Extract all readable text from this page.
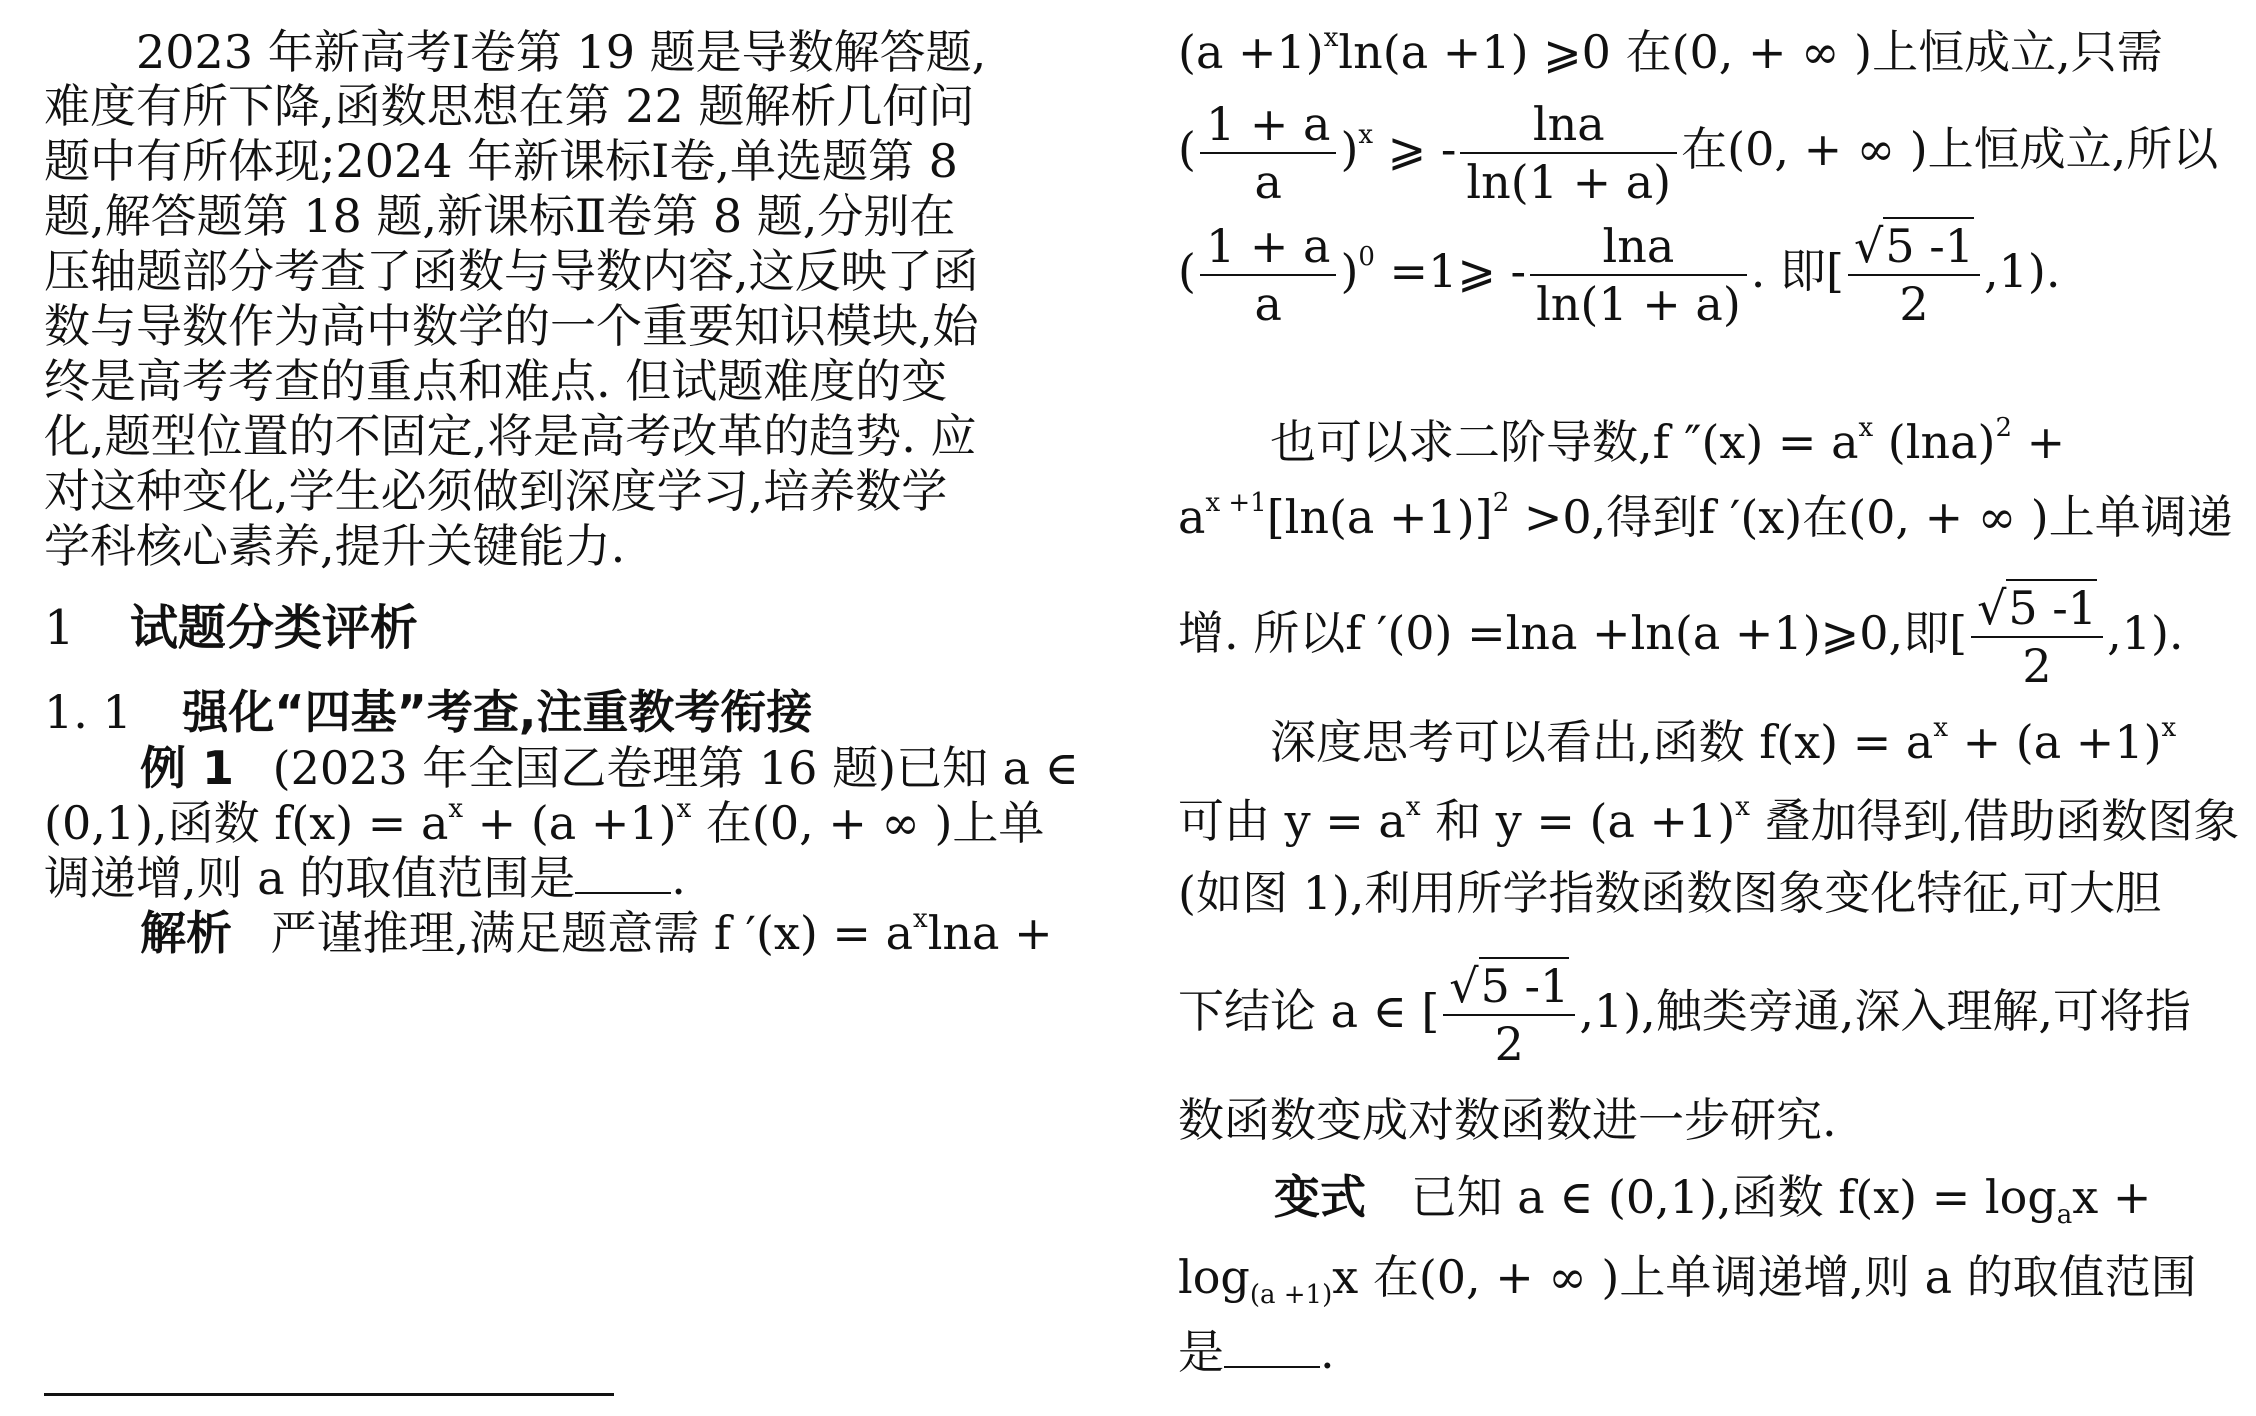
　　2023 年新高考Ⅰ卷第 19 题是导数解答题,
难度有所下降,函数思想在第 22 题解析几何问
题中有所体现;2024 年新课标Ⅰ卷,单选题第 8
题,解答题第 18 题,新课标Ⅱ卷第 8 题,分别在
压轴题部分考查了函数与导数内容,这反映了函
数与导数作为高中数学的一个重要知识模块,始
终是高考考查的重点和难点. 但试题难度的变
化,题型位置的不固定,将是高考改革的趋势. 应
对这种变化,学生必须做到深度学习,培养数学
学科核心素养,提升关键能力.
1 试题分类评析
1. 1 强化“四基”考查,注重教考衔接
例 1 (2023 年全国乙卷理第 16 题)已知 a ∈
(0,1),函数 $f(x) = a^x + (a +1)^x$ 在(0, + ∞ )上单
调递增,则 a 的取值范围是 .
解析 严谨推理,满足题意需 f $'(x) = a^x\ln a$ +
$(a +1)^x\ln(a +1)$ ⩾0 在(0, + ∞ )上恒成立,只需
( $\frac{1 + a}{a} )^x$ ⩾ - $\frac{\ln a}{\ln(1 + a)}$ 在(0, + ∞ )上恒成立,所以
( $\frac{1 + a}{a} )^0$ =1⩾ - $\frac{\ln a}{\ln(1 + a)}$ . 即[ $\frac{√5 -1}{2} ,1$).
　　也可以求二阶导数,f $''(x) = a^x$ $(\ln a)^2$ +
$a^{x +1}[\ln(a +1)]^2 >0$,得到f ′(x)在(0, + ∞ )上单调递
增. 所以f ′(0) =lna +ln(a +1)⩾0,即[ $\frac{√5 -1}{2} ,1$).
　　深度思考可以看出,函数 $f(x) = a^x + (a +1)^x$
可由 $y = a^x$ 和 $y = (a +1)^x$ 叠加得到,借助函数图象
(如图 1),利用所学指数函数图象变化特征,可大胆
下结论 a ∈ [ $\frac{√5 -1}{2} ,1$),触类旁通,深入理解,可将指
数函数变成对数函数进一步研究.
变式 已知 a ∈ (0,1),函数 $f(x) = \log_ax$ +
$\log_{(a +1)}x$ 在(0, + ∞ )上单调递增,则 a 的取值范围
是 .
